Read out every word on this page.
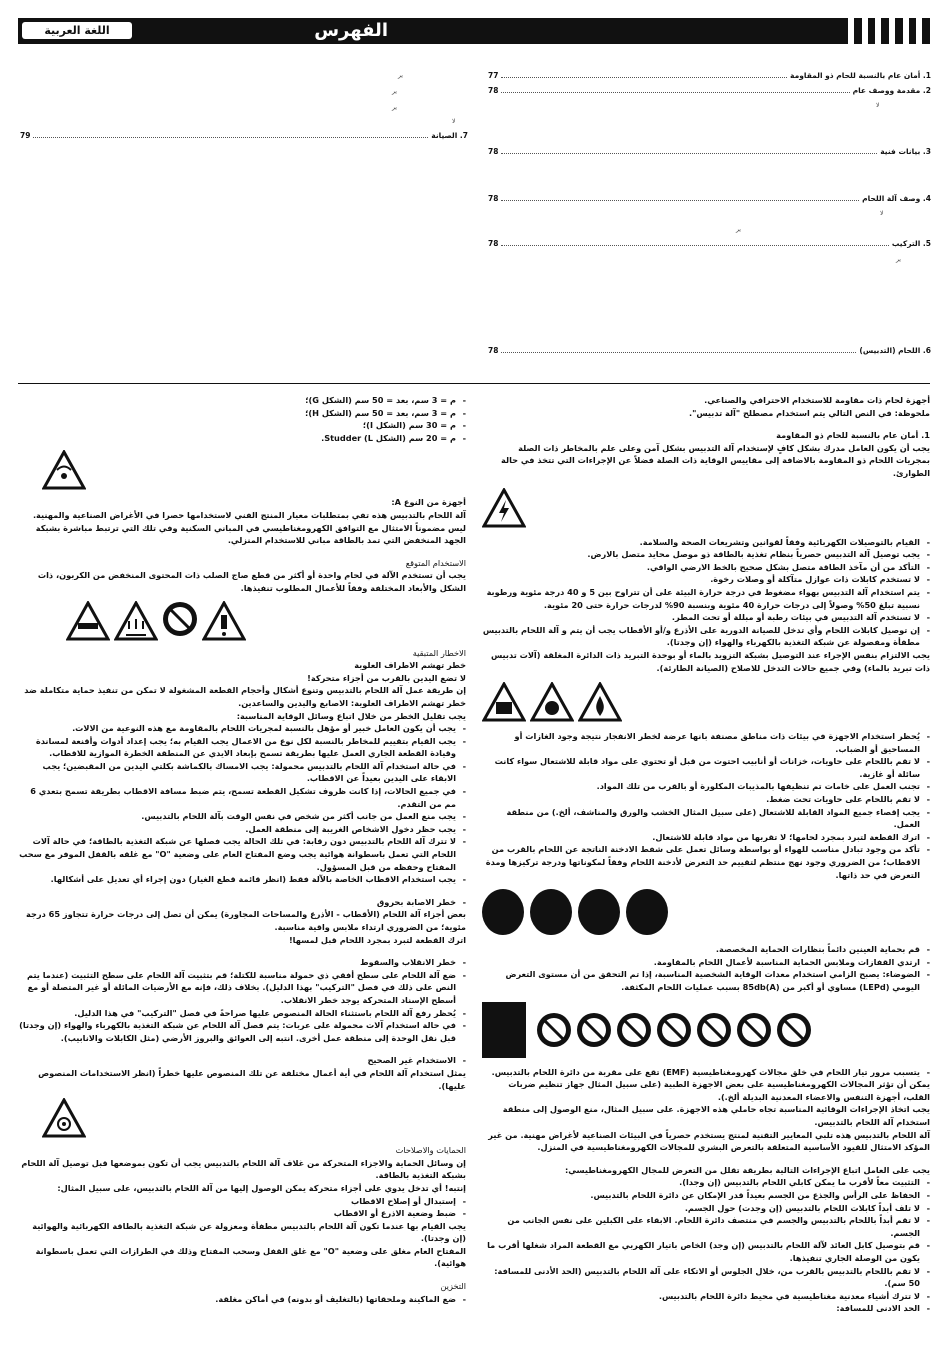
اللغة العربية	الفهرس
1. أمان عام بالنسبة للحام ذو المقاومة
77
2. مقدمة ووصف عام
78
3. بيانات فنية
78
4. وصف آلة اللحام
78
5. التركيب
78
6. اللحام (التدبيس)
78
7. الصيانة
79
ﯾﺮ
ﯾﺮ
ﯾﺮ
ﻻ
ﻻ
ﻻ
ﯾﺮ
ﯾﺮ

أجهزة لحام ذات مقاومة للاستخدام الاحترافي والصناعي.

ملحوظة: في النص التالي يتم استخدام مصطلح "آلة تدبيس".

1. أمان عام بالنسبة للحام ذو المقاومة

يجب أن يكون العامل مدرك بشكل كافٍ لإستخدام آلة التدبيس بشكل آمن وعلى علم بالمخاطر ذات الصلة بمجريات اللحام ذو المقاومة بالاضافة إلى مقاييس الوقاية ذات الصلة فضلاً عن الإجراءات التي تتخذ في حالة الطوارئ.

- القيام بالتوصيلات الكهربائية وفقاً لقوانين وتشريعات الصحة والسلامة.

- يجب توصيل آلة التدبيس حصرياً بنظام تغذية بالطاقة ذو موصل محايد متصل بالارض.

- التأكد من أن مآخذ الطاقة متصل بشكل صحيح بالخط الارضي الواقي.

- لا تستخدم كابلات ذات عوازل متآكلة أو وصلات رخوة.

- يتم استخدام آلة التدبيس بهواء مضغوط في درجة حرارة البيئة على أن تتراوح بين 5 و 40 درجة مئوية ورطوبة نسبية تبلغ 50% وصولاً إلى درجات حرارة 40 مئوية وبنسبة 90% لدرجات حرارة حتى 20 مئوية.

- لا تستخدم آلة التدبيس في بيئات رطبة أو مبللة أو تحت المطر.

- إن توصيل كابلات اللحام وأي تدخل للصيانة الدورية على الأذرع و/أو الأقطاب يجب أن يتم و آلة اللحام بالتدبيس مطفأة ومفصولة عن شبكة التغذية بالكهرباء والهواء (إن وجدتا).

يجب الالتزام بنفس الإجراء عند التوصيل بشبكة التزويد بالماء أو بوحدة التبريد ذات الدائرة المغلقة (آلات تدبيس ذات تبريد بالماء) وفي جميع حالات التدخل للاصلاح (الصيانة الطارئة).

- يُحظر استخدام الاجهزة في بيئات ذات مناطق مصنفة بانها عرضة لخطر الانفجار نتيجة وجود الغازات أو المساحيق أو الضباب.

- لا تقم باللحام على حاويات، خزانات أو أنابيب احتوت من قبل أو تحتوي على مواد قابلة للاشتعال سواء كانت سائلة أو غازية.

- تجنب العمل على خامات تم تنظيفها بالمذيبات المكلورة أو بالقرب من تلك المواد.

- لا تقم باللحام على حاويات تحت ضغط.

- يجب إقصاء جميع المواد القابلة للاشتعال (على سبيل المثال الخشب والورق والمناشف، ألخ.) من منطقة العمل.

- اترك القطعة لتبرد بمجرد لحامها؛ لا تقربها من مواد قابلة للاشتعال.

- تأكد من وجود تبادل مناسب للهواء أو بواسطة وسائل تعمل على شفط الادخنة الناتجة عن اللحام بالقرب من الاقطاب؛ من الضروري وجود نهج منتظم لتقييم حد التعرض لأدخنة اللحام وفقاً لمكوناتها ودرجة تركيزها ومدة التعرض في حد ذاتها.

- قم بحماية العينين دائماً بنظارات الحماية المخصصة.

- ارتدي القفازات وملابس الحماية المناسبة لأعمال اللحام بالمقاومة.

- الضوضاء: يصبح الزامي استخدام معدات الوقاية الشخصية المناسبة، إذا تم التحقق من أن مستوى التعرض اليومي (LEPd) مساوي أو أكبر من 85db(A) بسبب عمليات اللحام المكثفة.

- يتسبب مرور تيار اللحام في خلق مجالات كهرومغناطيسية (EMF) تقع على مقربة من دائرة اللحام بالتدبيس.

يمكن أن تؤثر المجالات الكهرومغناطيسية على بعض الاجهزة الطبية (على سبيل المثال جهاز تنظيم ضربات القلب، أجهزة التنفس والاعضاء المعدنية البديلة ألخ.).

يجب اتخاذ الإجراءات الوقائية المناسبة تجاه حاملي هذه الاجهزة. على سبيل المثال، منع الوصول إلى منطقة استخدام آلة اللحام بالتدبيس.

آلة اللحام بالتدبيس هذه تلبي المعايير التقنية لمنتج يستخدم حصرياً في البيئات الصناعية لأغراض مهنية. من غير المؤكد الامتثال للقيود الأساسية المتعلقة بالتعرض البشري للمجالات الكهرومغناطيسية في المنزل.

يجب على العامل اتباع الإجراءات التالية بطريقة تقلل من التعرض للمجال الكهرومغناطيسي:

- التثبيت معاً لأقرب ما يمكن كابلي اللحام بالتدبيس (إن وجدا).

- الحفاظ على الرأس والجذع من الجسم بعيداً قدر الإمكان عن دائرة اللحام بالتدبيس.

- لا تلف أبداً كابلات اللحام بالتدبيس (إن وجدت) حول الجسم.

- لا تقم أبداً باللحام بالتدبيس والجسم في منتصف دائرة اللحام. الابقاء على الكبلين على نفس الجانب من الجسم.

- قم بتوصيل كابل العائد لآلة اللحام بالتدبيس (إن وجد) الخاص باتيار الكهربي مع القطعة المراد شغلها أقرب ما يكون من الوصلة الجاري تنفيذها.

- لا تقم باللحام بالتدبيس بالقرب من، خلال الجلوس أو الاتكاء على آلة اللحام بالتدبيس (الحد الأدنى للمسافة: 50 سم).

- لا تترك أشياء معدنية مغناطيسية في محيط دائرة اللحام بالتدبيس.

- الحد الادنى للمسافة:

- م = 3 سم، بعد = 50 سم (الشكل G)؛

- م = 3 سم، بعد = 50 سم (الشكل H)؛

- م = 30 سم (الشكل I)؛

- م = 20 سم (الشكل L) Studder.

أجهزة من النوع A:

آلة اللحام بالتدبيس هذه تفي بمتطلبات معيار المنتج الفني لاستخدامها حصرا في الأغراض الصناعية والمهنية.

ليس مضموناً الامتثال مع التوافق الكهرومغناطيسي في المباني السكنية وفي تلك التي ترتبط مباشرة بشبكة الجهد المنخفض التي تمد بالطاقة مباني للاستخدام المنزلي.

الاستخدام المتوقع

يجب أن تستخدم الآلة في لحام واحدة أو أكثر من قطع صاج الصلب ذات المحتوى المنخفض من الكربون، ذات الشكل والأبعاد المختلفة وفقاً للأعمال المطلوب تنفيذها.

الاخطار المتبقية

خطر تهشم الاطراف العلوية

لا تضع اليدين بالقرب من أجزاء متحركة!

إن طريقة عمل آلة اللحام بالتدبيس وتنوع أشكال وأحجام القطعة المشغولة لا تمكن من تنفيذ حماية متكاملة ضد خطر تهشم الاطراف العلوية: الاصابع واليدين والساعدين.

يجب تقليل الخطر من خلال اتباع وسائل الوقاية المناسبة:

- يجب أن يكون العامل خبير أو مؤهل بالنسبة لمجريات اللحام بالمقاومة مع هذه النوعية من الالات.

- يجب القيام بتقييم للمخاطر بالنسبة لكل نوع من الاعمال يجب القيام به؛ يجب إعداد أدوات وأقنعة لمساندة وقيادة القطعة الجاري العمل عليها بطريقة تسمح بإبعاد الايدي عن المنطقة الخطرة الموازية للاقطاب.

- في حالة استخدام آلة اللحام بالتدبيس محمولة: يجب الامساك بالكماشة بكلتي اليدين من المقبضين؛ يجب الابقاء على اليدين بعيداً عن الاقطاب.

- في جميع الحالات، إذا كانت ظروف تشكيل القطعة تسمح، يتم ضبط مسافة الاقطاب بطريقة تسمح بتعدي 6 مم من التقدم.

- يجب منع العمل من جانب أكثر من شخص في نفس الوقت بآلة اللحام بالتدبيس.

- يجب حظر دخول الاشخاص الغريبة إلى منطقة العمل.

- لا تترك آلة اللحام بالتدبيس دون رقابة: في تلك الحالة يجب فصلها عن شبكة التغذية بالطاقة؛ في حالة آلات اللحام التي تعمل باسطوانة هوائية يجب وضع المفتاح العام على وضعية "O" مع غلقه بالقفل الموفر مع سحب المفتاح وحفظه من قبل المسؤول.

- يجب استخدام الاقطاب الخاصة بالآلة فقط (انظر قائمة قطع الغيار) دون إجراء أي تعديل على أشكالها.

- خطر الاصابة بحروق

بعض أجزاء آلة اللحام (الأقطاب - الأذرع والمساحات المجاورة) يمكن أن تصل إلى درجات حرارة تتجاوز 65 درجة مئوية؛ من الضروري ارتداء ملابس واقية مناسبة.

اترك القطعة لتبرد بمجرد اللحام قبل لمسها!

- خطر الانقلاب والسقوط

- ضع آلة اللحام على سطح أفقي ذي حمولة مناسبة للكتلة؛ قم بتثبيت آلة اللحام على سطح التثبيت (عندما يتم النص على ذلك في فصل "التركيب" بهذا الدليل). بخلاف ذلك، فإنه مع الأرضيات المائلة أو غير المتصلة أو مع أسطح الإسناد المتحركة يوجد خطر الانقلاب.

- يُحظر رفع آلة اللحام باستثناء الحالة المنصوص عليها صراحةً في فصل "التركيب" في هذا الدليل.

- في حالة استخدام آلات محمولة على عربات: يتم فصل آلة اللحام عن شبكة التغذية بالكهرباء والهواء (إن وجدتا) قبل نقل الوحدة إلى منطقة عمل أخرى. انتبه إلى العوائق والبروز الأرضي (مثل الكابلات والانابيب).

- الاستخدام غير الصحيح

يمثل استخدام آلة اللحام في أية أعمال مختلفة عن تلك المنصوص عليها خطراً (انظر الاستخدامات المنصوص عليها).

الحمايات والاصلاحات

إن وسائل الحماية والاجزاء المتحركة من غلاف آلة اللحام بالتدبيس يجب أن تكون بموضعها قبل توصيل آلة اللحام بشبكة التغذية بالطاقة.

إنتبه! أي تدخل يدوي على أجزاء متحركة يمكن الوصول إليها من آلة اللحام بالتدبيس، على سبيل المثال:

- إستبدال أو إصلاح الاقطاب

- ضبط وضعية الاذرع أو الاقطاب

يجب القيام بها عندما تكون آلة اللحام بالتدبيس مطفأة ومعزولة عن شبكة التغذية بالطاقة الكهربائية والهوائية (إن وجدتا).

المفتاح العام مغلق على وضعية "O" مع غلق القفل وسحب المفتاح وذلك في الطرازات التي تعمل باسطوانة هوائية).

التخزين

- ضع الماكينة وملحقاتها (بالتغليف أو بدونه) في أماكن مغلقة.
